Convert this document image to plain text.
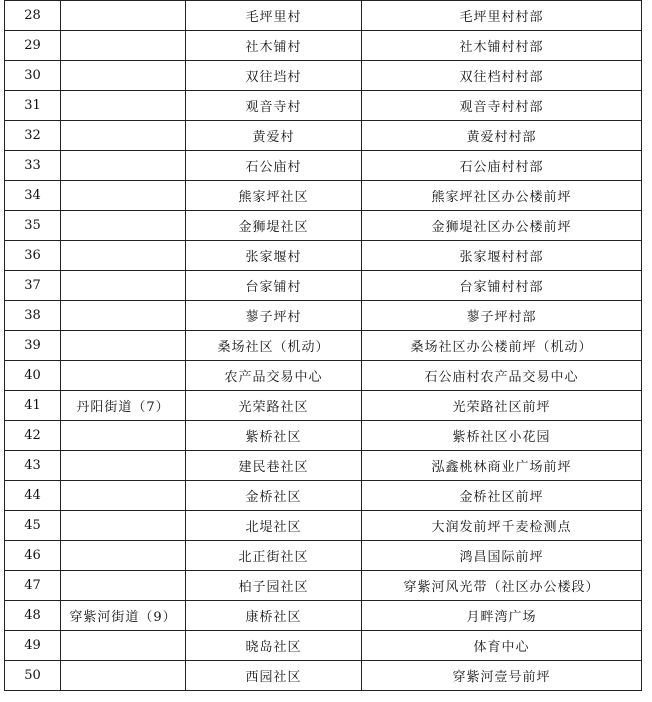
28		毛坪里村	毛坪里村村部
29		社木铺村	社木铺村村部
30		双往垱村	双往档村村部
31		观音寺村	观音寺村村部
32		黄爱村	黄爱村村部
33		石公庙村	石公庙村村部
34		熊家坪社区	熊家坪社区办公楼前坪
35		金狮堤社区	金狮堤社区办公楼前坪
36		张家堰村	张家堰村村部
37		台家铺村	台家铺村村部
38		蓼子坪村	蓼子坪村部
39		桑场社区（机动）	桑场社区办公楼前坪（机动）
40		农产品交易中心	石公庙村农产品交易中心
41	丹阳街道（7）	光荣路社区	光荣路社区前坪
42		紫桥社区	紫桥社区小花园
43		建民巷社区	泓鑫桃林商业广场前坪
44		金桥社区	金桥社区前坪
45		北堤社区	大润发前坪千麦检测点
46		北正街社区	鸿昌国际前坪
47		柏子园社区	穿紫河风光带（社区办公楼段）
48	穿紫河街道（9）	康桥社区	月畔湾广场
49		晓岛社区	体育中心
50		西园社区	穿紫河壹号前坪
